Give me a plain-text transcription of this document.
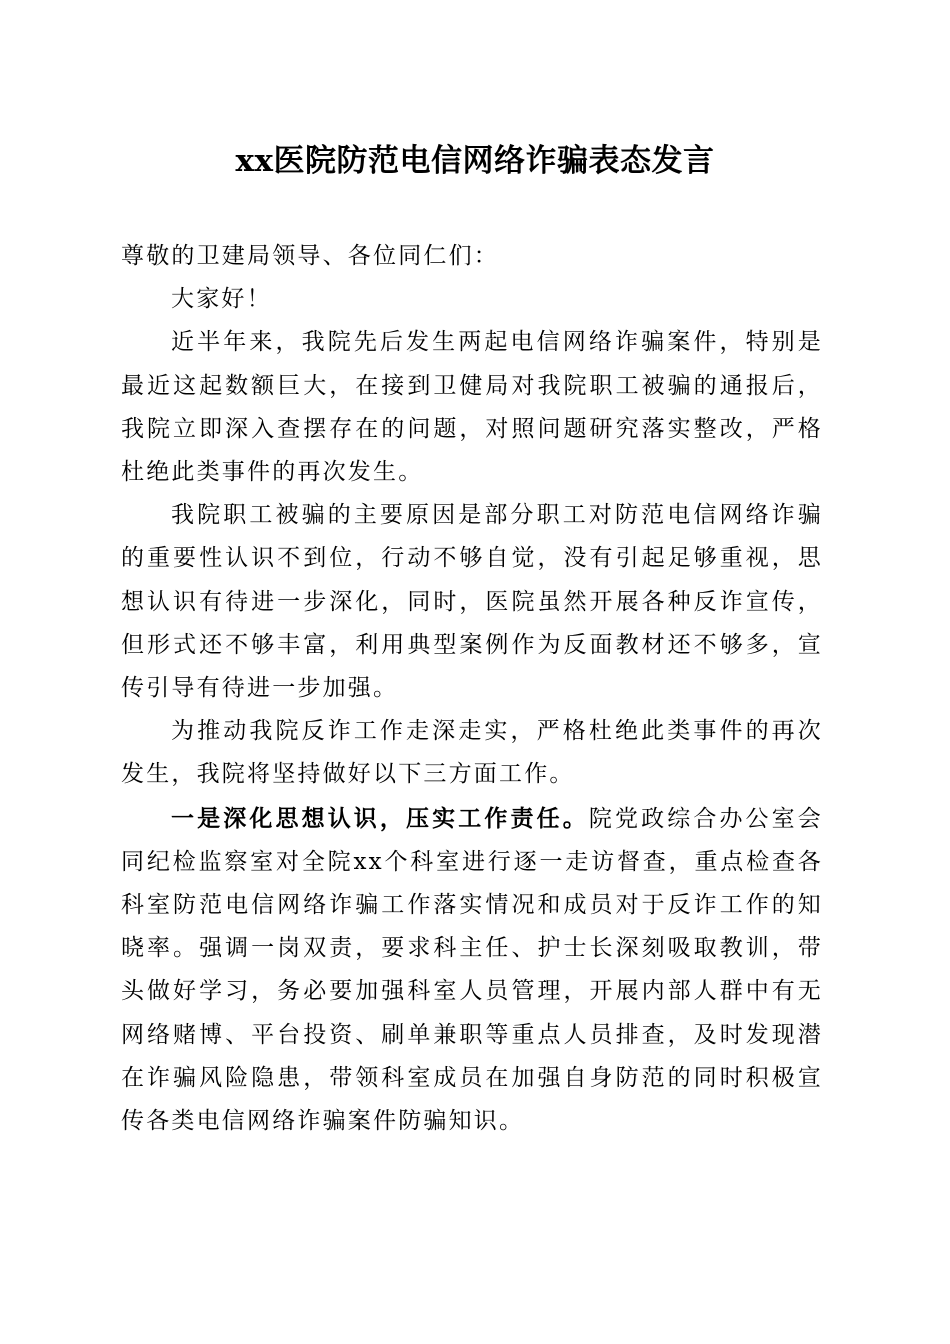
xx医院防范电信网络诈骗表态发言

尊敬的卫建局领导、各位同仁们：

大家好！

近半年来，我院先后发生两起电信网络诈骗案件，特别是最近这起数额巨大，在接到卫健局对我院职工被骗的通报后，我院立即深入查摆存在的问题，对照问题研究落实整改，严格杜绝此类事件的再次发生。

我院职工被骗的主要原因是部分职工对防范电信网络诈骗的重要性认识不到位，行动不够自觉，没有引起足够重视，思想认识有待进一步深化，同时，医院虽然开展各种反诈宣传，但形式还不够丰富，利用典型案例作为反面教材还不够多，宣传引导有待进一步加强。

为推动我院反诈工作走深走实，严格杜绝此类事件的再次发生，我院将坚持做好以下三方面工作。

一是深化思想认识，压实工作责任。院党政综合办公室会同纪检监察室对全院xx个科室进行逐一走访督查，重点检查各科室防范电信网络诈骗工作落实情况和成员对于反诈工作的知晓率。强调一岗双责，要求科主任、护士长深刻吸取教训，带头做好学习，务必要加强科室人员管理，开展内部人群中有无网络赌博、平台投资、刷单兼职等重点人员排查，及时发现潜在诈骗风险隐患，带领科室成员在加强自身防范的同时积极宣传各类电信网络诈骗案件防骗知识。
